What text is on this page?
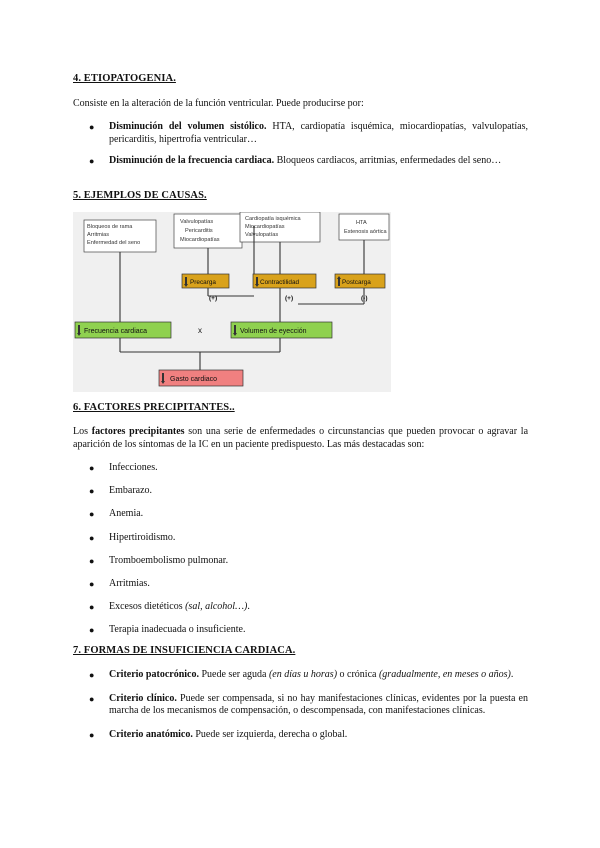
4. ETIOPATOGENIA.
Consiste en la alteración de la función ventricular. Puede producirse por:
● Disminución del volumen sistólico. HTA, cardiopatía isquémica, miocardiopatías, valvulopatías, pericarditis, hipertrofia ventricular…
● Disminución de la frecuencia cardiaca. Bloqueos cardiacos, arritmias, enfermedades del seno…
5. EJEMPLOS DE CAUSAS.
Bloqueos de rama
Arritmias
Enfermedad del seno
Valvulopatías
Pericarditis
Miocardiopatías
Cardiopatía isquémica
Miocardiopatías
Valvulopatías
HTA
Estenosis aórtica
Precarga	Contractilidad	Postcarga
(+)	(+)	(-)
Frecuencia cardiaca	x	Volumen de eyección
Gasto cardiaco
6. FACTORES PRECIPITANTES..
Los factores precipitantes son una serie de enfermedades o circunstancias que pueden provocar o agravar la aparición de los síntomas de la IC en un paciente predispuesto. Las más destacadas son:
● Infecciones.
● Embarazo.
● Anemia.
● Hipertiroidismo.
● Tromboembolismo pulmonar.
● Arritmias.
● Excesos dietéticos (sal, alcohol…).
● Terapia inadecuada o insuficiente.
7. FORMAS DE INSUFICIENCIA CARDIACA.
● Criterio patocrónico. Puede ser aguda (en días u horas) o crónica (gradualmente, en meses o años).
● Criterio clínico. Puede ser compensada, si no hay manifestaciones clínicas, evidentes por la puesta en marcha de los mecanismos de compensación, o descompensada, con manifestaciones clínicas.
● Criterio anatómico. Puede ser izquierda, derecha o global.
